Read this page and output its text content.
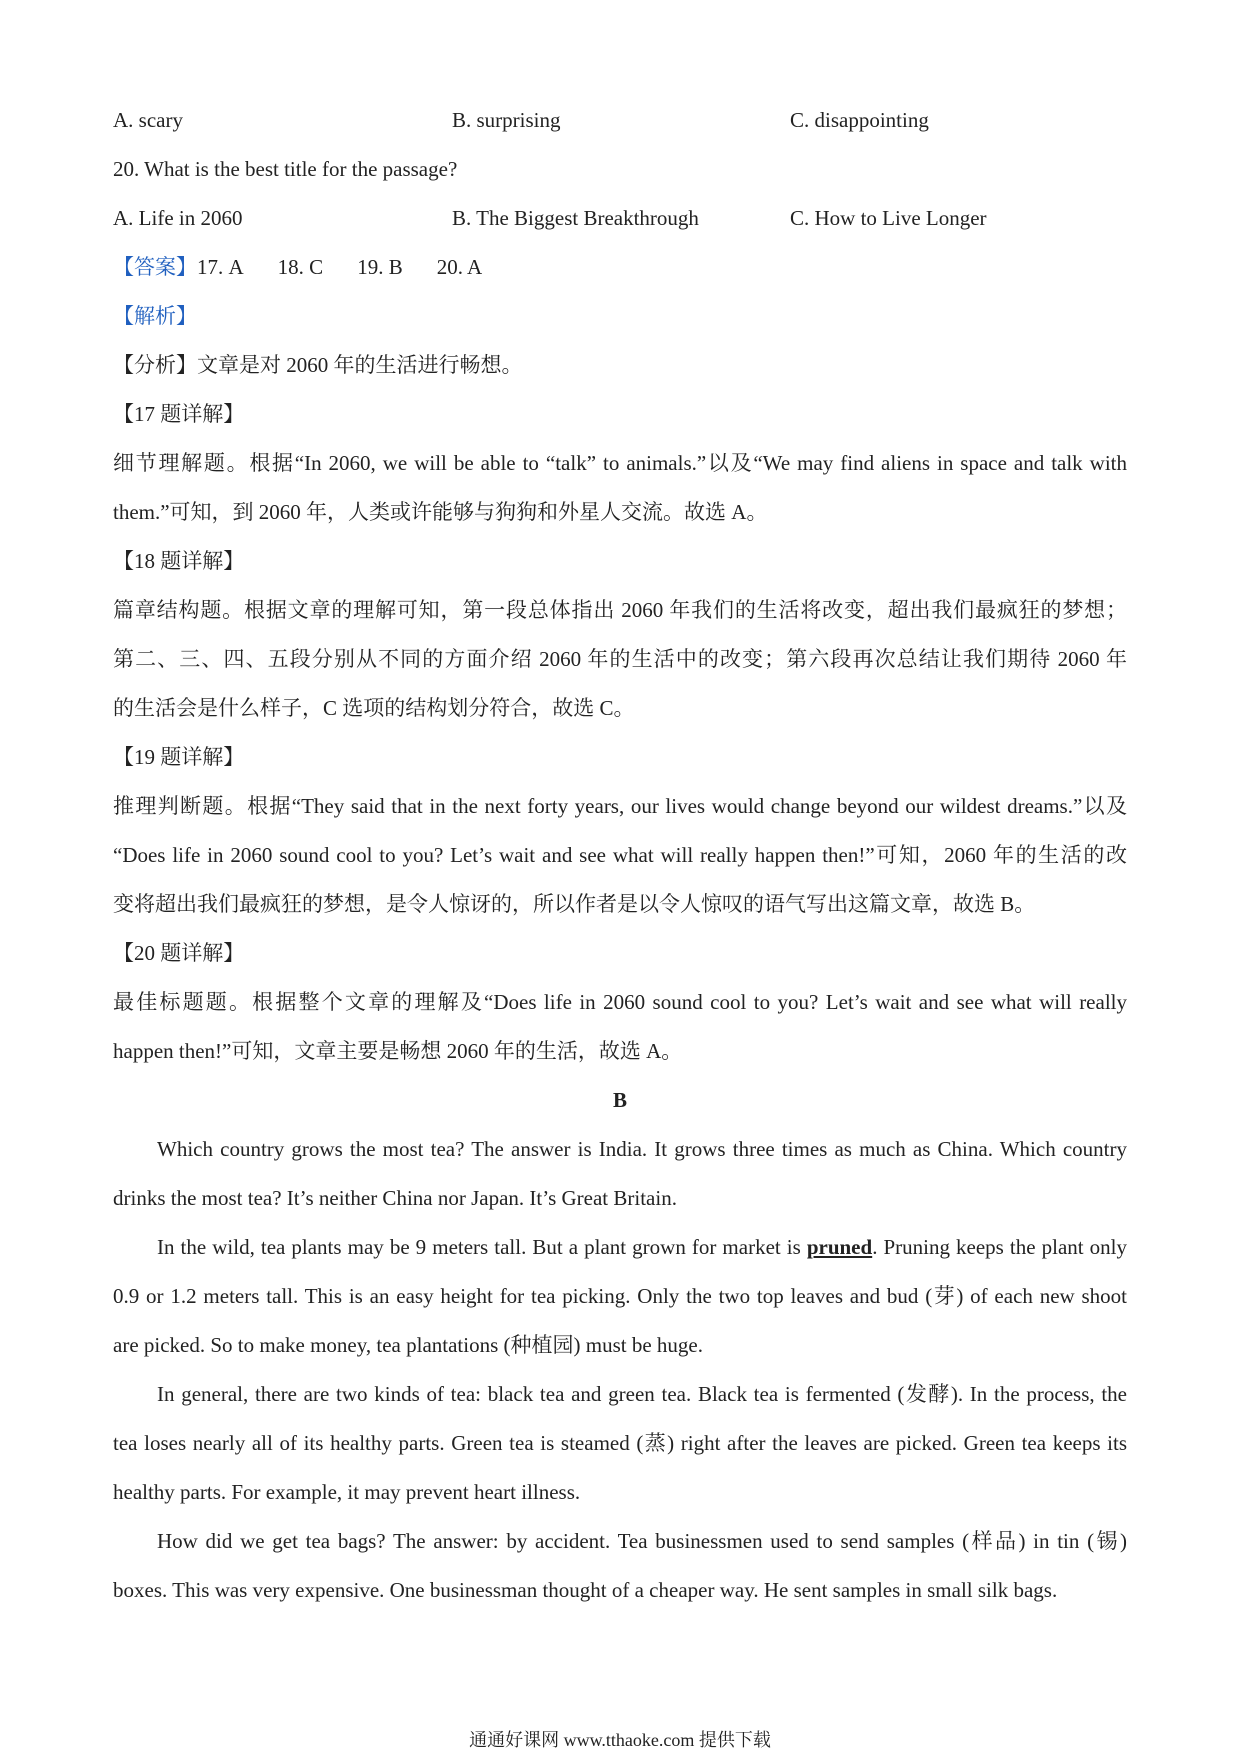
A. scary	B. surprising	C. disappointing
20. What is the best title for the passage?
A. Life in 2060	B. The Biggest Breakthrough	C. How to Live Longer
【答案】17. A 18. C 19. B 20. A
【解析】
【分析】文章是对 2060 年的生活进行畅想。
【17 题详解】
细节理解题。根据“In 2060, we will be able to “talk” to animals.”以及“We may find aliens in space and talk with
them.”可知，到 2060 年，人类或许能够与狗狗和外星人交流。故选 A。
【18 题详解】
篇章结构题。根据文章的理解可知，第一段总体指出 2060 年我们的生活将改变，超出我们最疯狂的梦想；
第二、三、四、五段分别从不同的方面介绍 2060 年的生活中的改变；第六段再次总结让我们期待 2060 年
的生活会是什么样子，C 选项的结构划分符合，故选 C。
【19 题详解】
推理判断题。根据“They said that in the next forty years, our lives would change beyond our wildest dreams.”以及
“Does life in 2060 sound cool to you? Let’s wait and see what will really happen then!”可知，2060 年的生活的改
变将超出我们最疯狂的梦想，是令人惊讶的，所以作者是以令人惊叹的语气写出这篇文章，故选 B。
【20 题详解】
最佳标题题。根据整个文章的理解及“Does life in 2060 sound cool to you? Let’s wait and see what will really
happen then!”可知，文章主要是畅想 2060 年的生活，故选 A。
B
Which country grows the most tea? The answer is India. It grows three times as much as China. Which country
drinks the most tea? It’s neither China nor Japan. It’s Great Britain.
In the wild, tea plants may be 9 meters tall. But a plant grown for market is pruned. Pruning keeps the plant only
0.9 or 1.2 meters tall. This is an easy height for tea picking. Only the two top leaves and bud (芽) of each new shoot
are picked. So to make money, tea plantations (种植园) must be huge.
In general, there are two kinds of tea: black tea and green tea. Black tea is fermented (发酵). In the process, the
tea loses nearly all of its healthy parts. Green tea is steamed (蒸) right after the leaves are picked. Green tea keeps its
healthy parts. For example, it may prevent heart illness.
How did we get tea bags? The answer: by accident. Tea businessmen used to send samples (样品) in tin (锡)
boxes. This was very expensive. One businessman thought of a cheaper way. He sent samples in small silk bags.
通通好课网 www.tthaoke.com 提供下载
